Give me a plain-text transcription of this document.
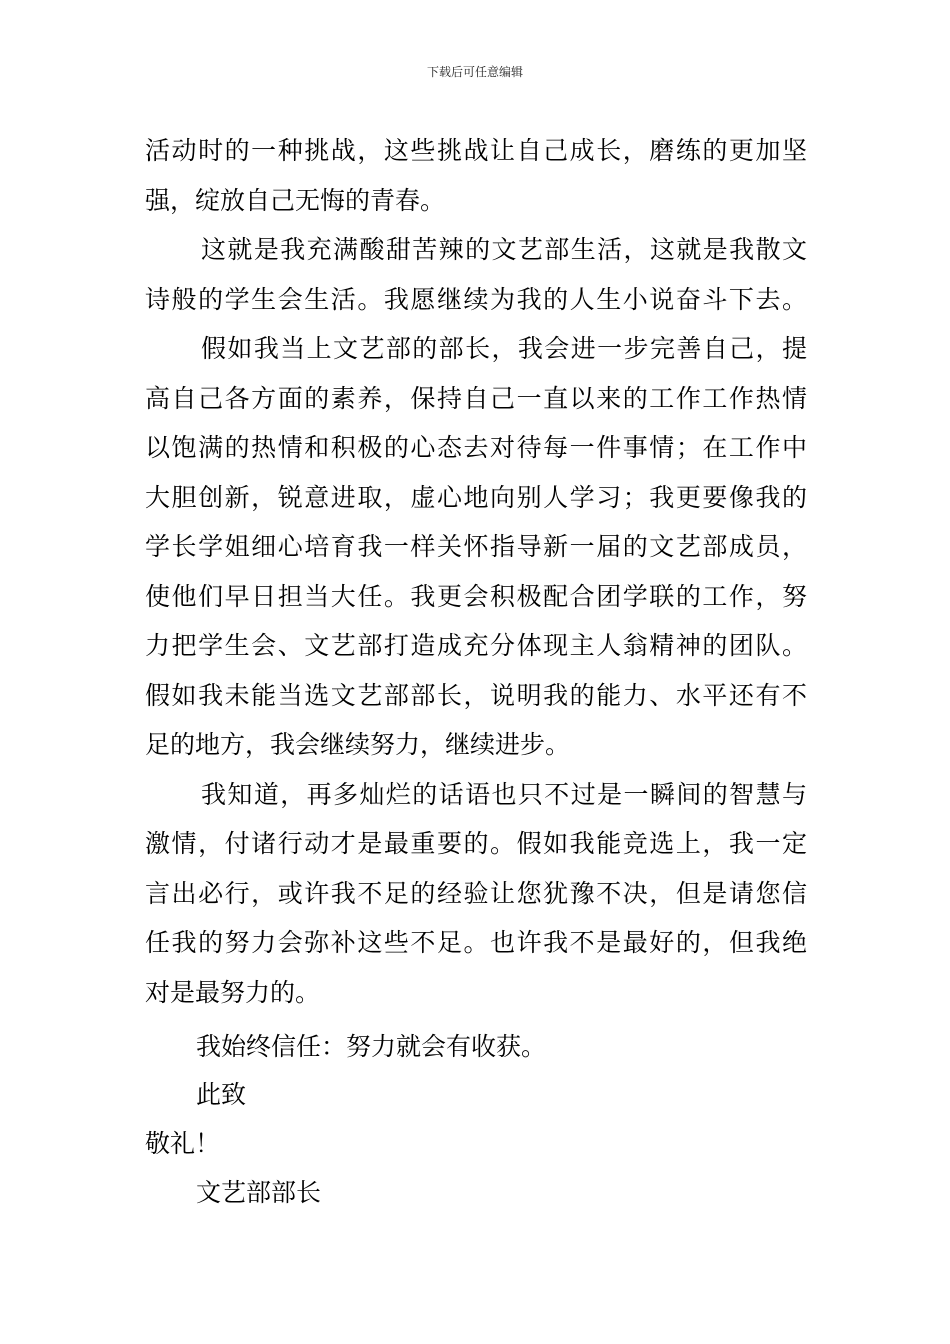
下载后可任意编辑

活动时的一种挑战，这些挑战让自己成长，磨练的更加坚
强，绽放自己无悔的青春。

这就是我充满酸甜苦辣的文艺部生活，这就是我散文
诗般的学生会生活。我愿继续为我的人生小说奋斗下去。

假如我当上文艺部的部长，我会进一步完善自己，提
高自己各方面的素养，保持自己一直以来的工作工作热情
以饱满的热情和积极的心态去对待每一件事情；在工作中
大胆创新，锐意进取，虚心地向别人学习；我更要像我的
学长学姐细心培育我一样关怀指导新一届的文艺部成员，
使他们早日担当大任。我更会积极配合团学联的工作，努
力把学生会、文艺部打造成充分体现主人翁精神的团队。
假如我未能当选文艺部部长，说明我的能力、水平还有不
足的地方，我会继续努力，继续进步。

我知道，再多灿烂的话语也只不过是一瞬间的智慧与
激情，付诸行动才是最重要的。假如我能竞选上，我一定
言出必行，或许我不足的经验让您犹豫不决，但是请您信
任我的努力会弥补这些不足。也许我不是最好的，但我绝
对是最努力的。

我始终信任：努力就会有收获。
此致
敬礼！
文艺部部长
